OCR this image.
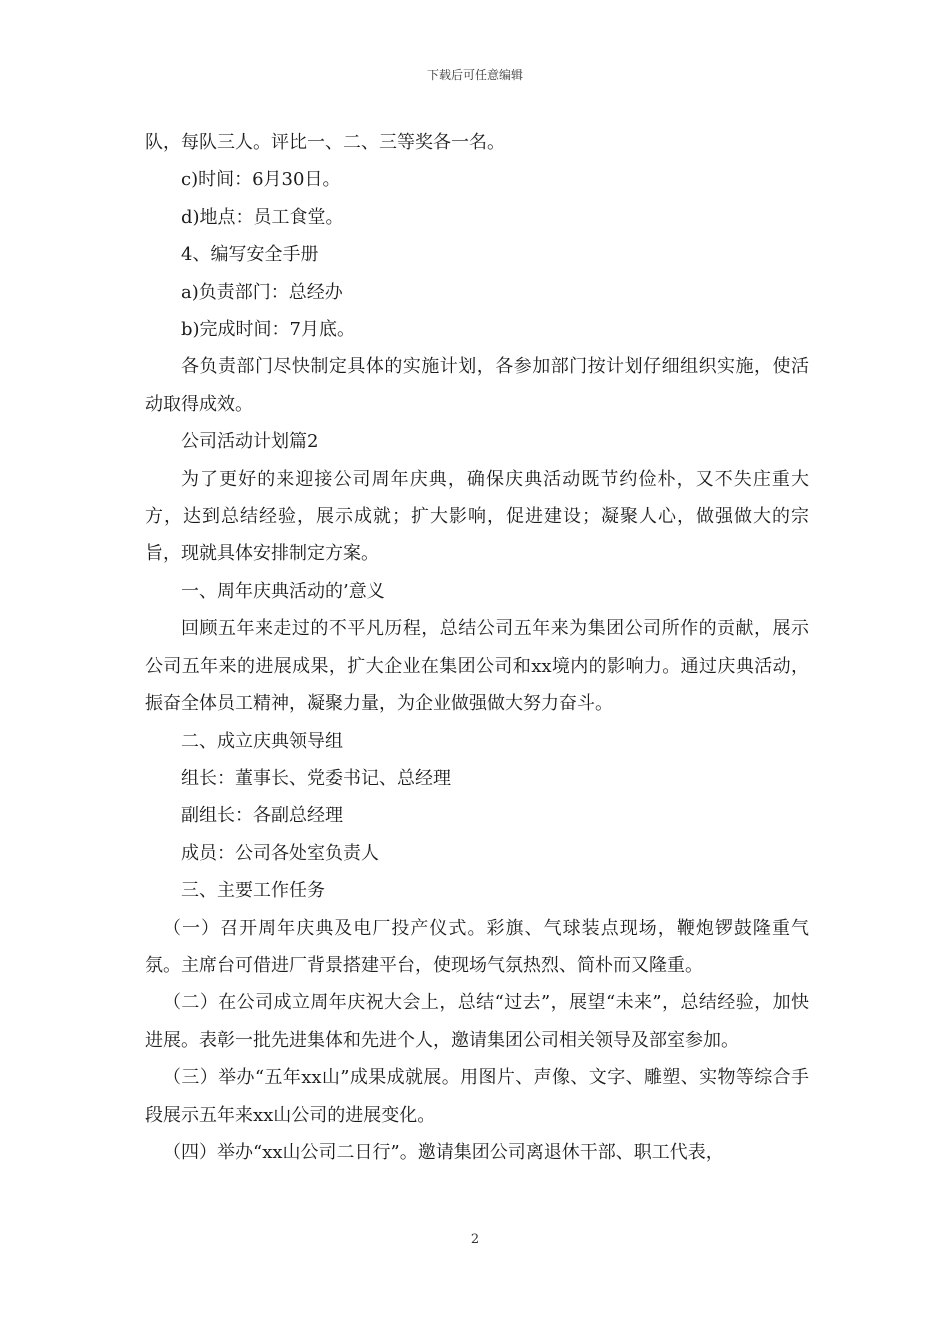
下载后可任意编辑

队，每队三人。评比一、二、三等奖各一名。

c)时间：6月30日。

d)地点：员工食堂。

4、编写安全手册

a)负责部门：总经办

b)完成时间：7月底。

各负责部门尽快制定具体的实施计划，各参加部门按计划仔细组织实施，使活动取得成效。

公司活动计划篇2

为了更好的来迎接公司周年庆典，确保庆典活动既节约俭朴，又不失庄重大方，达到总结经验，展示成就；扩大影响，促进建设；凝聚人心，做强做大的宗旨，现就具体安排制定方案。

一、周年庆典活动的’意义

回顾五年来走过的不平凡历程，总结公司五年来为集团公司所作的贡献，展示公司五年来的进展成果，扩大企业在集团公司和xx境内的影响力。通过庆典活动，振奋全体员工精神，凝聚力量，为企业做强做大努力奋斗。

二、成立庆典领导组

组长：董事长、党委书记、总经理

副组长：各副总经理

成员：公司各处室负责人

三、主要工作任务

（一）召开周年庆典及电厂投产仪式。彩旗、气球装点现场，鞭炮锣鼓隆重气氛。主席台可借进厂背景搭建平台，使现场气氛热烈、简朴而又隆重。

（二）在公司成立周年庆祝大会上，总结“过去”，展望“未来”，总结经验，加快进展。表彰一批先进集体和先进个人，邀请集团公司相关领导及部室参加。

（三）举办“五年xx山”成果成就展。用图片、声像、文字、雕塑、实物等综合手段展示五年来xx山公司的进展变化。

（四）举办“xx山公司二日行”。邀请集团公司离退休干部、职工代表，

2
